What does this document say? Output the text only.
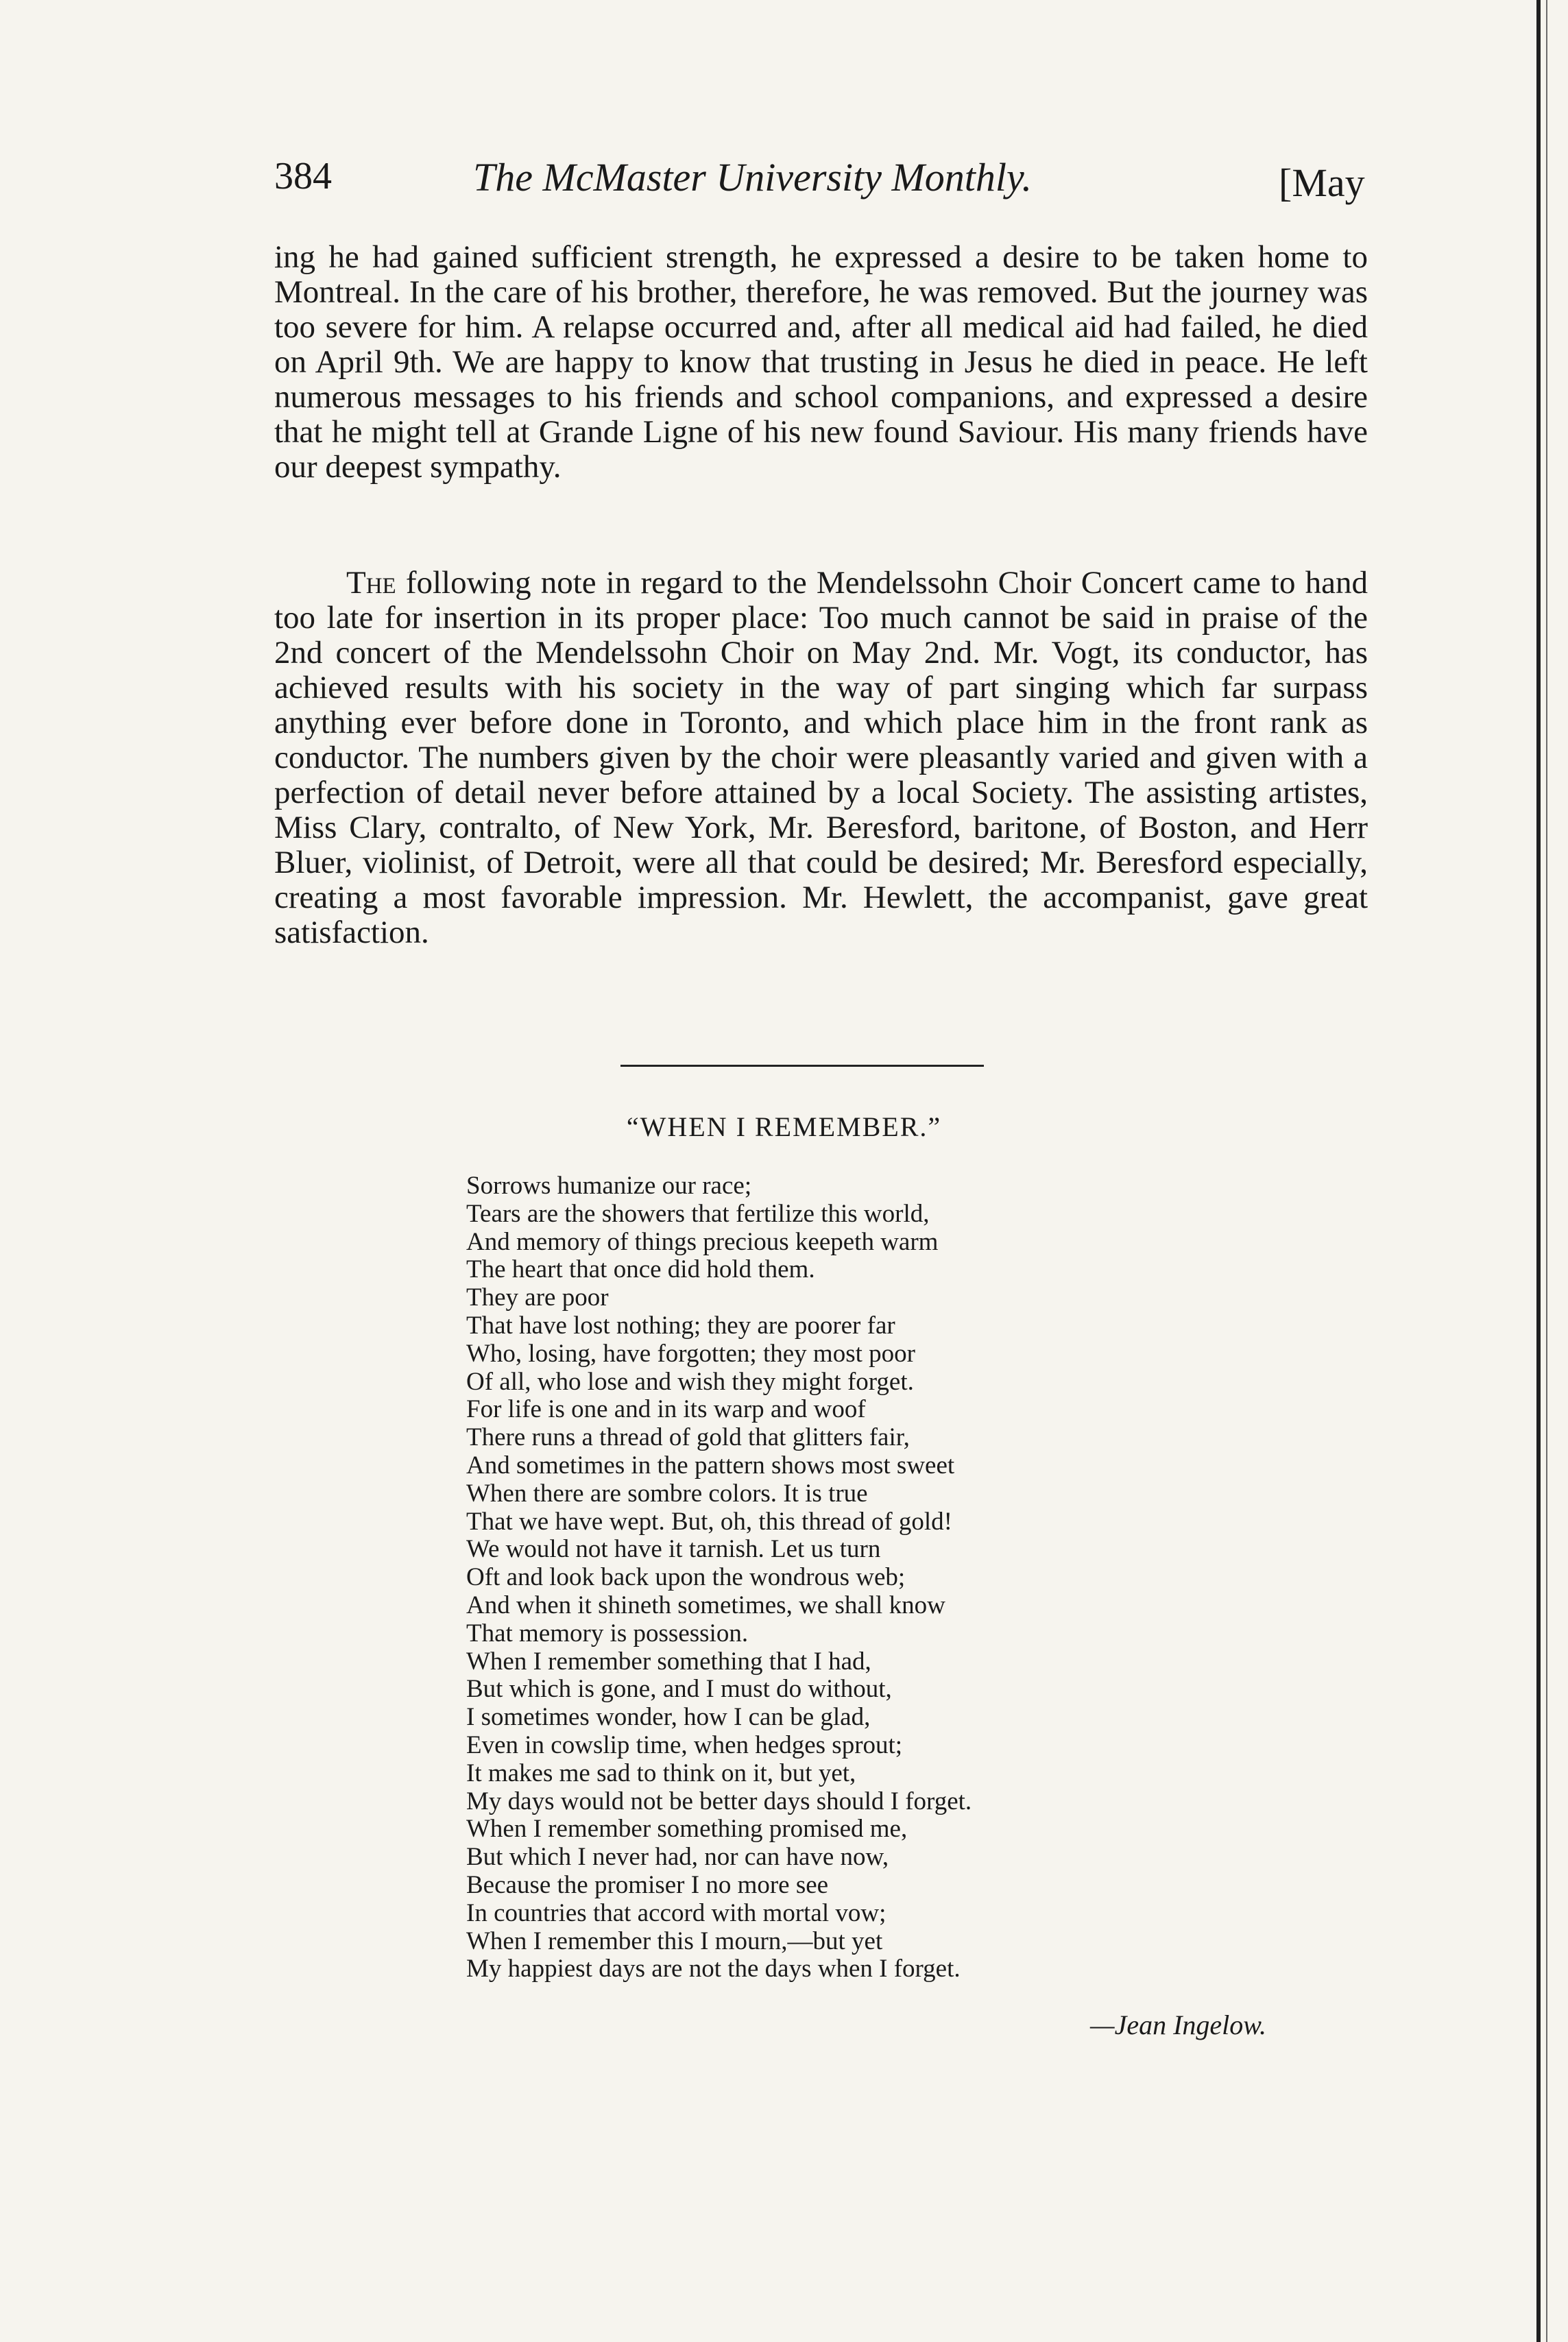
384	The McMaster University Monthly.	[May

ing he had gained sufficient strength, he expressed a desire to be taken home to Montreal. In the care of his brother, therefore, he was removed. But the journey was too severe for him. A relapse occurred and, after all medical aid had failed, he died on April 9th. We are happy to know that trusting in Jesus he died in peace. He left numerous messages to his friends and school companions, and expressed a desire that he might tell at Grande Ligne of his new found Saviour. His many friends have our deepest sympathy.

The following note in regard to the Mendelssohn Choir Concert came to hand too late for insertion in its proper place: Too much cannot be said in praise of the 2nd concert of the Mendelssohn Choir on May 2nd. Mr. Vogt, its conductor, has achieved results with his society in the way of part singing which far surpass anything ever before done in Toronto, and which place him in the front rank as conductor. The numbers given by the choir were pleasantly varied and given with a perfection of detail never before attained by a local Society. The assisting artistes, Miss Clary, contralto, of New York, Mr. Beresford, baritone, of Boston, and Herr Bluer, violinist, of Detroit, were all that could be desired; Mr. Beresford especially, creating a most favorable impression. Mr. Hewlett, the accompanist, gave great satisfaction.

“WHEN I REMEMBER.”
Sorrows humanize our race;
Tears are the showers that fertilize this world,
And memory of things precious keepeth warm
The heart that once did hold them.
They are poor
That have lost nothing; they are poorer far
Who, losing, have forgotten; they most poor
Of all, who lose and wish they might forget.
For life is one and in its warp and woof
There runs a thread of gold that glitters fair,
And sometimes in the pattern shows most sweet
When there are sombre colors. It is true
That we have wept. But, oh, this thread of gold!
We would not have it tarnish. Let us turn
Oft and look back upon the wondrous web;
And when it shineth sometimes, we shall know
That memory is possession.
When I remember something that I had,
But which is gone, and I must do without,
I sometimes wonder, how I can be glad,
Even in cowslip time, when hedges sprout;
It makes me sad to think on it, but yet,
My days would not be better days should I forget.
When I remember something promised me,
But which I never had, nor can have now,
Because the promiser I no more see
In countries that accord with mortal vow;
When I remember this I mourn,—but yet
My happiest days are not the days when I forget.
—Jean Ingelow.
